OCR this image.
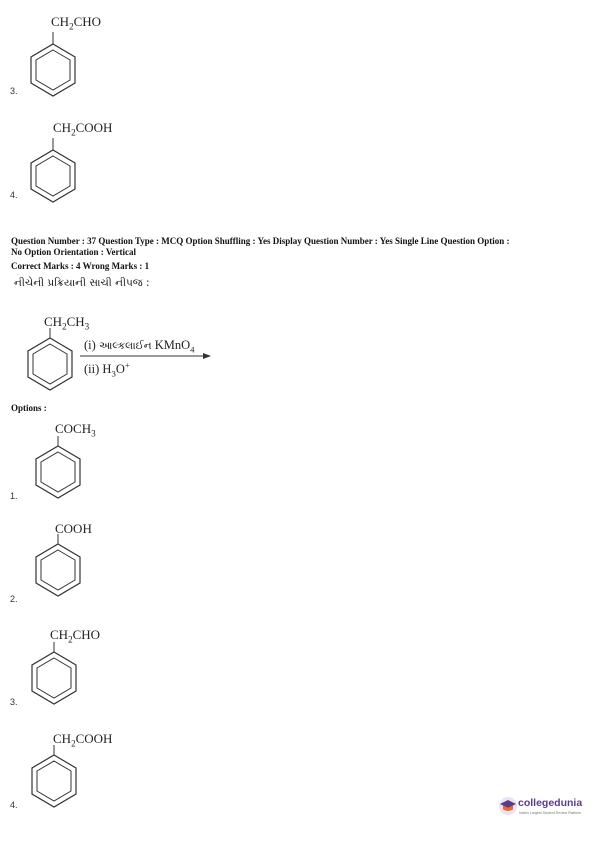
$CH_2CHO$
3.
$CH_2COOH$
4.
Question Number : 37 Question Type : MCQ Option Shuffling : Yes Display Question Number : Yes Single Line Question Option :
No Option Orientation : Vertical
Correct Marks : 4 Wrong Marks : 1
નીચેની પ્રક્રિયાની સાચી નીપજ :
$CH_2CH_3$
(i) આલ્કલાઈન KMnO$_4$
(ii) $H_3O^+$
Options :
$COCH_3$
1.
COOH
2.
$CH_2CHO$
3.
$CH_2COOH$
4.	collegedunia
India's Largest Student Review Platform
